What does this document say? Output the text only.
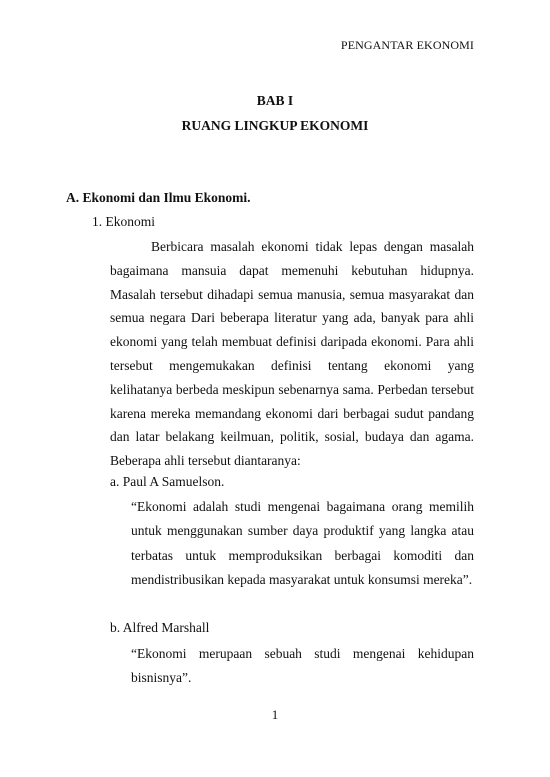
PENGANTAR EKONOMI
BAB I
RUANG LINGKUP EKONOMI
A. Ekonomi dan Ilmu Ekonomi.
1. Ekonomi

Berbicara masalah ekonomi tidak lepas dengan masalah bagaimana mansuia dapat memenuhi kebutuhan hidupnya. Masalah tersebut dihadapi semua manusia, semua masyarakat dan semua negara Dari beberapa literatur yang ada, banyak para ahli ekonomi yang telah membuat definisi daripada ekonomi. Para ahli tersebut mengemukakan definisi tentang ekonomi yang kelihatanya berbeda meskipun sebenarnya sama. Perbedan tersebut karena mereka memandang ekonomi dari berbagai sudut pandang dan latar belakang keilmuan, politik, sosial, budaya dan agama. Beberapa ahli tersebut diantaranya:

a. Paul A Samuelson.

“Ekonomi adalah studi mengenai bagaimana orang memilih untuk menggunakan sumber daya produktif yang langka atau terbatas untuk memproduksikan berbagai komoditi dan mendistribusikan kepada masyarakat untuk konsumsi mereka”.

b. Alfred Marshall

“Ekonomi merupaan sebuah studi mengenai kehidupan bisnisnya”.

1
